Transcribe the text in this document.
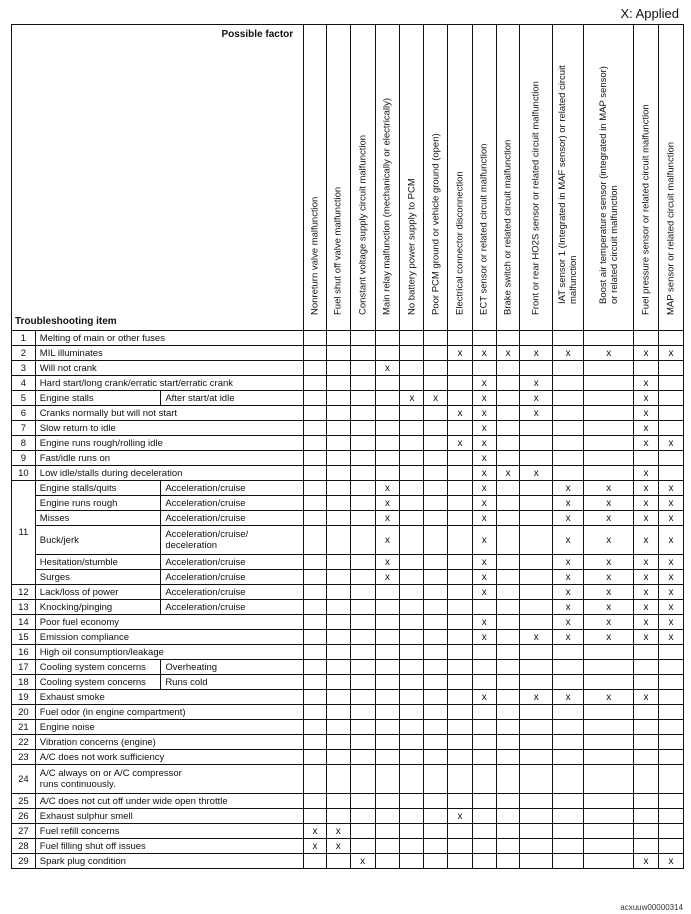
X: Applied
Possible factor
Troubleshooting item			Nonreturn valve malfunction	Fuel shut off valve malfunction	Constant voltage supply circuit malfunction	Main relay malfunction (mechanically or electrically)	No battery power supply to PCM	Poor PCM ground or vehicle ground (open)	Electrical connector disconnection	ECT sensor or related circuit malfunction	Brake switch or related circuit malfunction	Front or rear HO2S sensor or related circuit malfunction	IAT sensor 1 (Integrated in MAF sensor) or related circuit
malfunction	Boost air temperature sensor (integrated in MAP sensor)
or related circuit malfunction	Fuel pressure sensor or related circuit malfunction	MAP sensor or related circuit malfunction

1	Melting of main or other fuses															
2	MIL illuminates								x	x	x	x	x	x	x	x
3	Will not crank					x										
4	Hard start/long crank/erratic start/erratic crank									x		x			x	
5	Engine stalls	After start/at idle					x	x		x		x			x	
6	Cranks normally but will not start								x	x		x			x	
7	Slow return to idle									x					x	
8	Engine runs rough/rolling idle								x	x					x	x
9	Fast/idle runs on									x						
10	Low idle/stalls during deceleration									x	x	x			x	
11	Engine stalls/quits	Acceleration/cruise				x				x			x	x	x	x
	Engine runs rough	Acceleration/cruise				x				x			x	x	x	x
	Misses	Acceleration/cruise				x				x			x	x	x	x
	Buck/jerk	Acceleration/cruise/
deceleration				x				x			x	x	x	x
	Hesitation/stumble	Acceleration/cruise				x				x			x	x	x	x
	Surges	Acceleration/cruise				x				x			x	x	x	x
12	Lack/loss of power	Acceleration/cruise								x			x	x	x	x
13	Knocking/pinging	Acceleration/cruise											x	x	x	x
14	Poor fuel economy									x			x	x	x	x
15	Emission compliance									x		x	x	x	x	x
16	High oil consumption/leakage															
17	Cooling system concerns	Overheating														
18	Cooling system concerns	Runs cold														
19	Exhaust smoke									x		x	x	x	x	
20	Fuel odor (in engine compartment)															
21	Engine noise															
22	Vibration concerns (engine)															
23	A/C does not work sufficiency															
24	A/C always on or A/C compressor
runs continuously.															
25	A/C does not cut off under wide open throttle															
26	Exhaust sulphur smell								x							
27	Fuel refill concerns		x	x												
28	Fuel filling shut off issues		x	x												
29	Spark plug condition				x										x	x
acxuuw00000314
